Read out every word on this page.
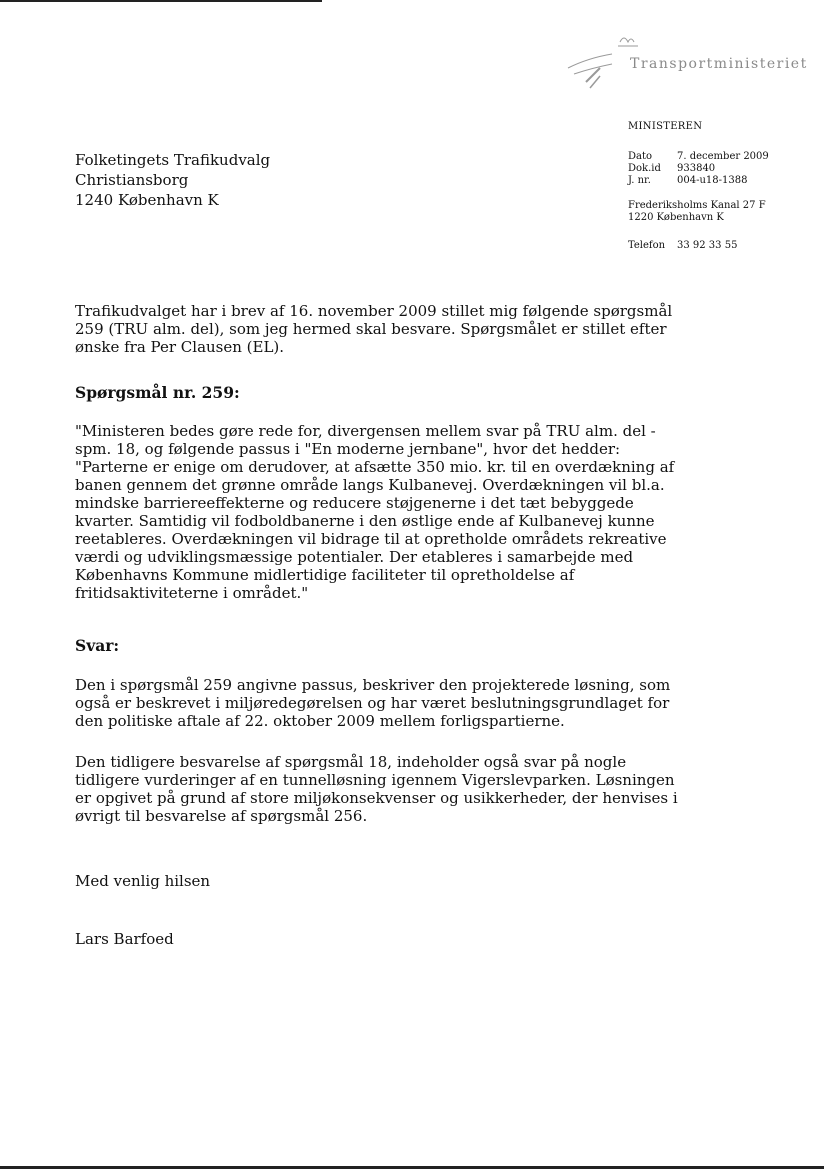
Transportministeriet
MINISTEREN
Dato	7. december 2009
Dok.id	933840
J. nr.	004-u18-1388
Frederiksholms Kanal 27 F
1220 København K
Telefon	33 92 33 55
Folketingets Trafikudvalg
Christiansborg
1240 København K
Trafikudvalget har i brev af 16. november 2009 stillet mig følgende spørgsmål
259 (TRU alm. del), som jeg hermed skal besvare. Spørgsmålet er stillet efter
ønske fra Per Clausen (EL).
Spørgsmål nr. 259:
"Ministeren bedes gøre rede for, divergensen mellem svar på TRU alm. del -
spm. 18, og følgende passus i "En moderne jernbane", hvor det hedder:
"Parterne er enige om derudover, at afsætte 350 mio. kr. til en overdækning af
banen gennem det grønne område langs Kulbanevej. Overdækningen vil bl.a.
mindske barriereeffekterne og reducere støjgenerne i det tæt bebyggede
kvarter. Samtidig vil fodboldbanerne i den østlige ende af Kulbanevej kunne
reetableres. Overdækningen vil bidrage til at opretholde områdets rekreative
værdi og udviklingsmæssige potentialer. Der etableres i samarbejde med
Københavns Kommune midlertidige faciliteter til opretholdelse af
fritidsaktiviteterne i området."
Svar:
Den i spørgsmål 259 angivne passus, beskriver den projekterede løsning, som
også er beskrevet i miljøredegørelsen og har været beslutningsgrundlaget for
den politiske aftale af 22. oktober 2009 mellem forligspartierne.
Den tidligere besvarelse af spørgsmål 18, indeholder også svar på nogle
tidligere vurderinger af en tunnelløsning igennem Vigerslevparken. Løsningen
er opgivet på grund af store miljøkonsekvenser og usikkerheder, der henvises i
øvrigt til besvarelse af spørgsmål 256.
Med venlig hilsen
Lars Barfoed
